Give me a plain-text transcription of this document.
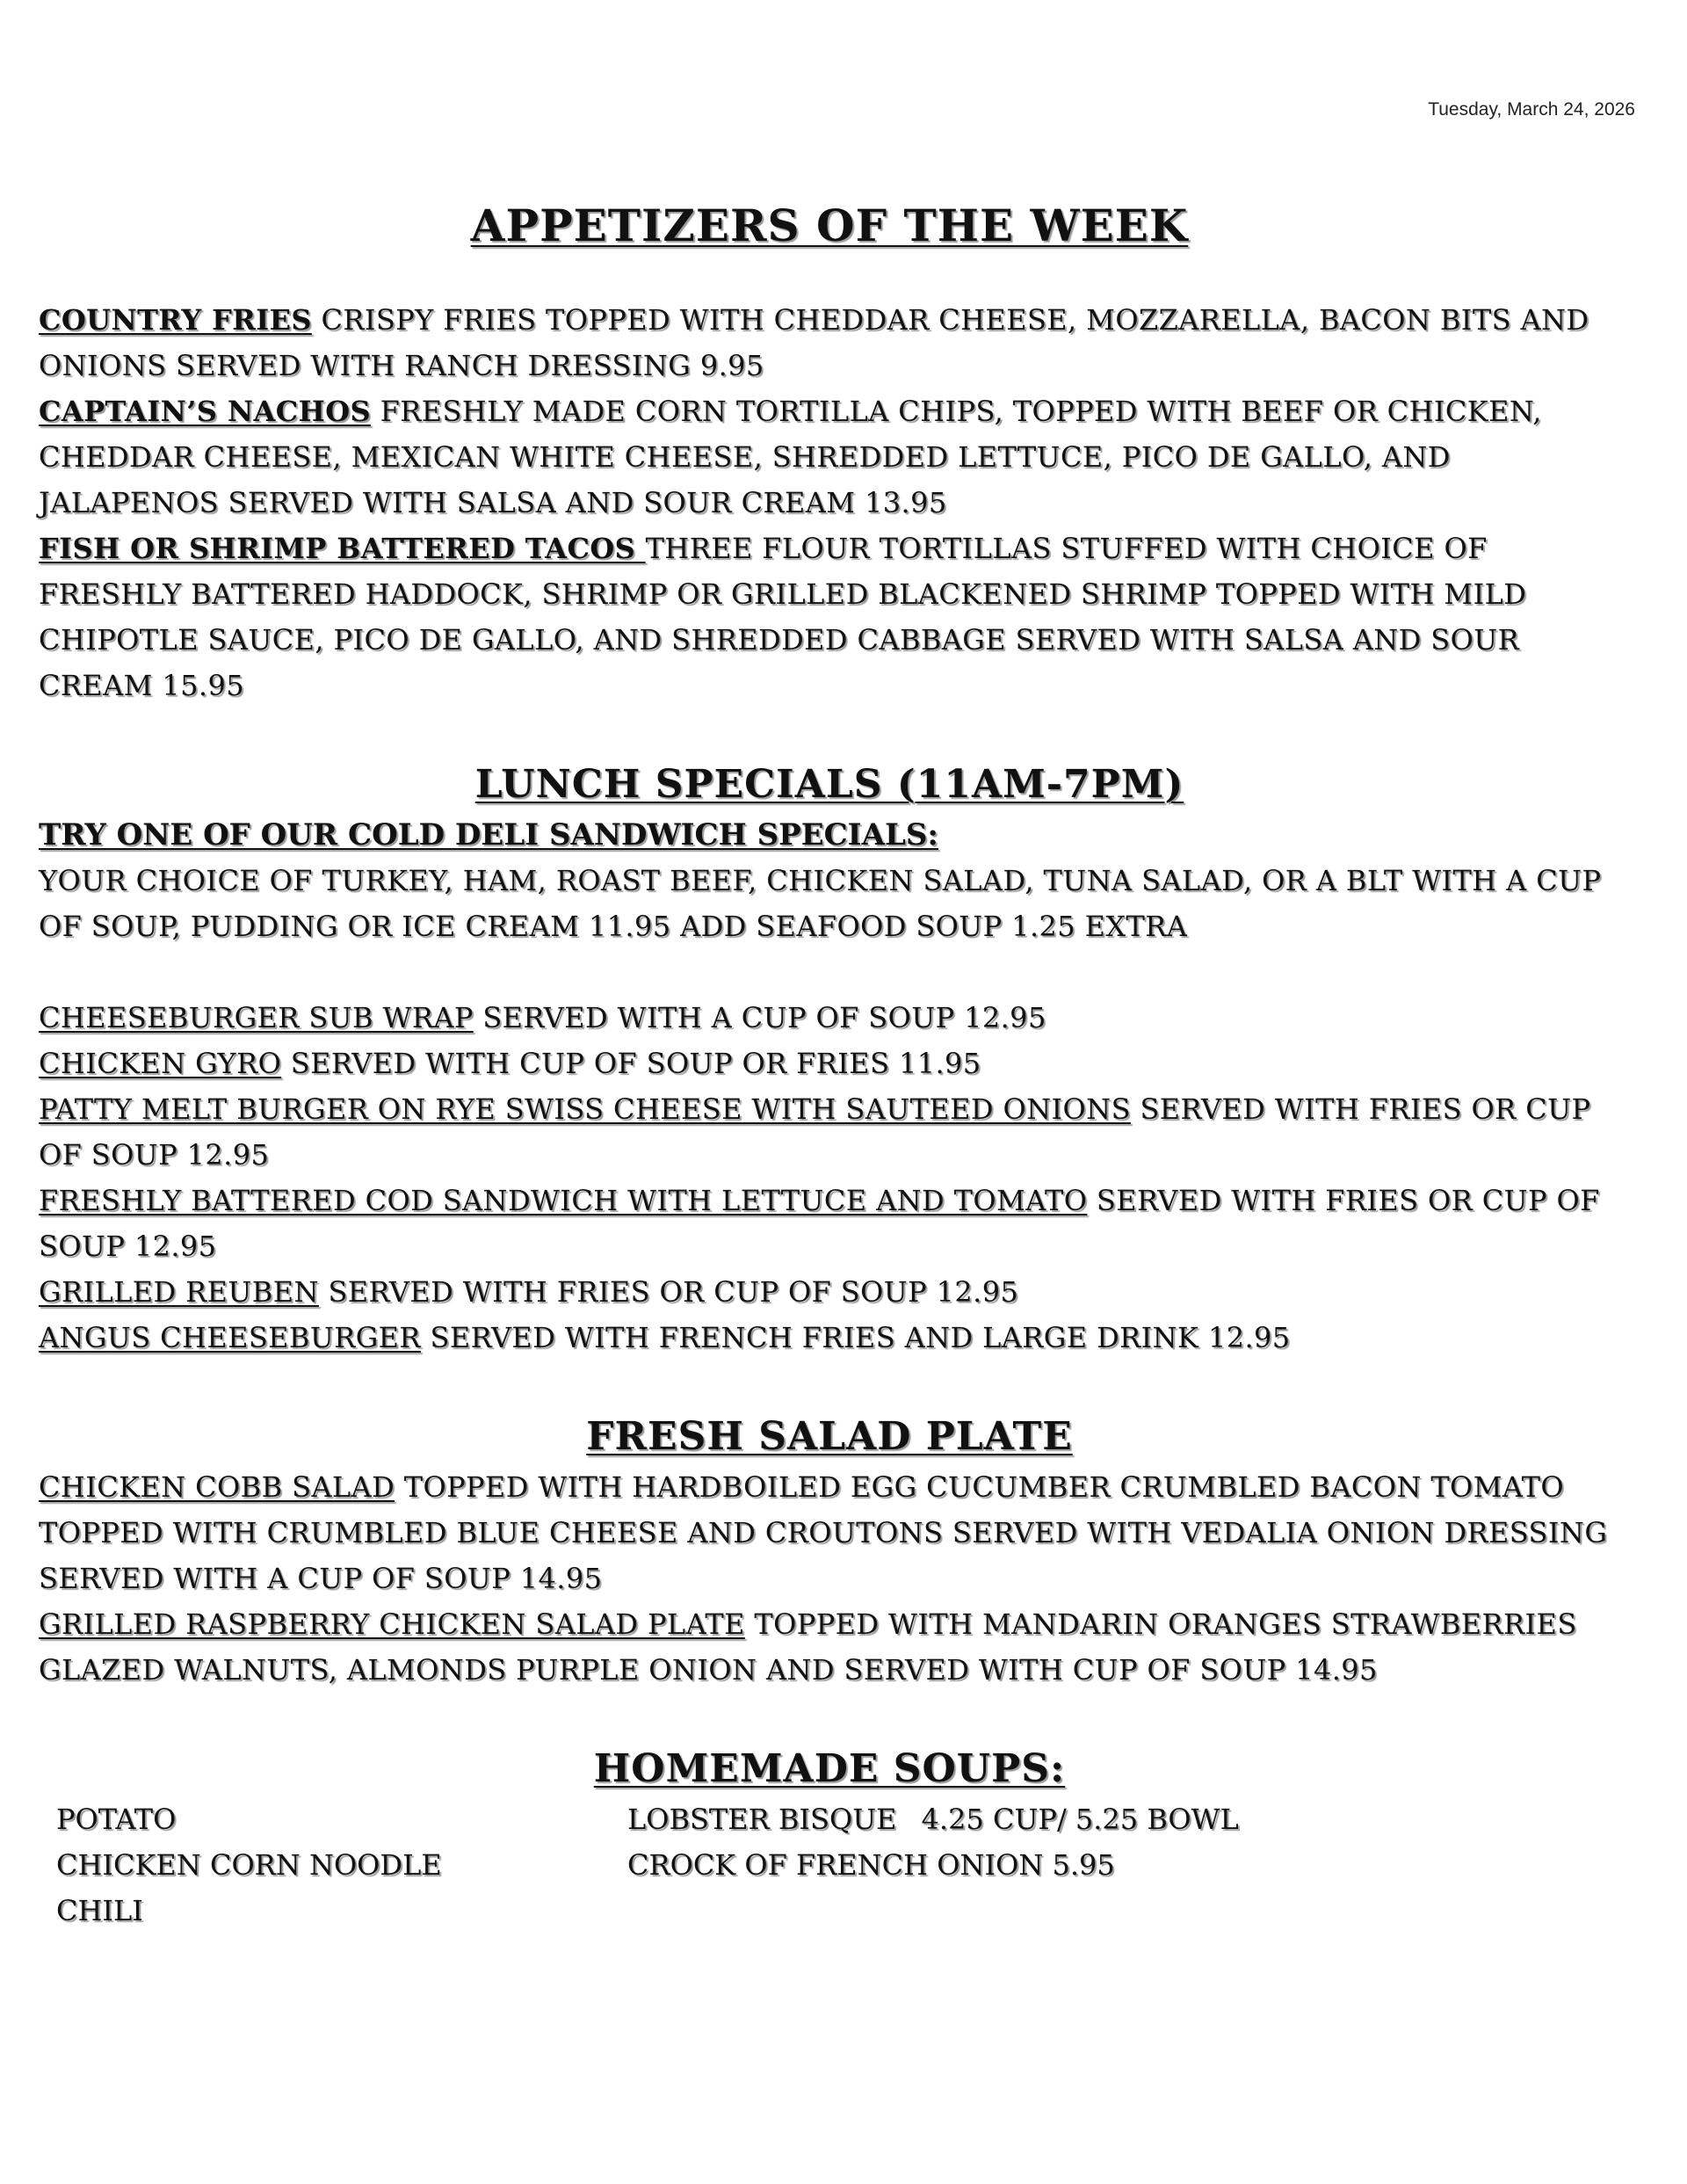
Tuesday, March 24, 2026
APPETIZERS OF THE WEEK

COUNTRY FRIES CRISPY FRIES TOPPED WITH CHEDDAR CHEESE, MOZZARELLA, BACON BITS AND ONIONS SERVED WITH RANCH DRESSING 9.95

CAPTAIN’S NACHOS FRESHLY MADE CORN TORTILLA CHIPS, TOPPED WITH BEEF OR CHICKEN, CHEDDAR CHEESE, MEXICAN WHITE CHEESE, SHREDDED LETTUCE, PICO DE GALLO, AND JALAPENOS SERVED WITH SALSA AND SOUR CREAM 13.95

FISH OR SHRIMP BATTERED TACOS THREE FLOUR TORTILLAS STUFFED WITH CHOICE OF FRESHLY BATTERED HADDOCK, SHRIMP OR GRILLED BLACKENED SHRIMP TOPPED WITH MILD CHIPOTLE SAUCE, PICO DE GALLO, AND SHREDDED CABBAGE SERVED WITH SALSA AND SOUR CREAM 15.95

LUNCH SPECIALS (11AM-7PM)
TRY ONE OF OUR COLD DELI SANDWICH SPECIALS:

YOUR CHOICE OF TURKEY, HAM, ROAST BEEF, CHICKEN SALAD, TUNA SALAD, OR A BLT WITH A CUP OF SOUP, PUDDING OR ICE CREAM 11.95 ADD SEAFOOD SOUP 1.25 EXTRA

CHEESEBURGER SUB WRAP SERVED WITH A CUP OF SOUP 12.95

CHICKEN GYRO SERVED WITH CUP OF SOUP OR FRIES 11.95

PATTY MELT BURGER ON RYE SWISS CHEESE WITH SAUTEED ONIONS SERVED WITH FRIES OR CUP OF SOUP 12.95

FRESHLY BATTERED COD SANDWICH WITH LETTUCE AND TOMATO SERVED WITH FRIES OR CUP OF SOUP 12.95

GRILLED REUBEN SERVED WITH FRIES OR CUP OF SOUP 12.95

ANGUS CHEESEBURGER SERVED WITH FRENCH FRIES AND LARGE DRINK 12.95

FRESH SALAD PLATE

CHICKEN COBB SALAD TOPPED WITH HARDBOILED EGG CUCUMBER CRUMBLED BACON TOMATO TOPPED WITH CRUMBLED BLUE CHEESE AND CROUTONS SERVED WITH VEDALIA ONION DRESSING SERVED WITH A CUP OF SOUP 14.95

GRILLED RASPBERRY CHICKEN SALAD PLATE TOPPED WITH MANDARIN ORANGES STRAWBERRIES GLAZED WALNUTS, ALMONDS PURPLE ONION AND SERVED WITH CUP OF SOUP 14.95

HOMEMADE SOUPS:
POTATO
CHICKEN CORN NOODLE
CHILI
LOBSTER BISQUE 4.25 CUP/ 5.25 BOWL
CROCK OF FRENCH ONION 5.95
